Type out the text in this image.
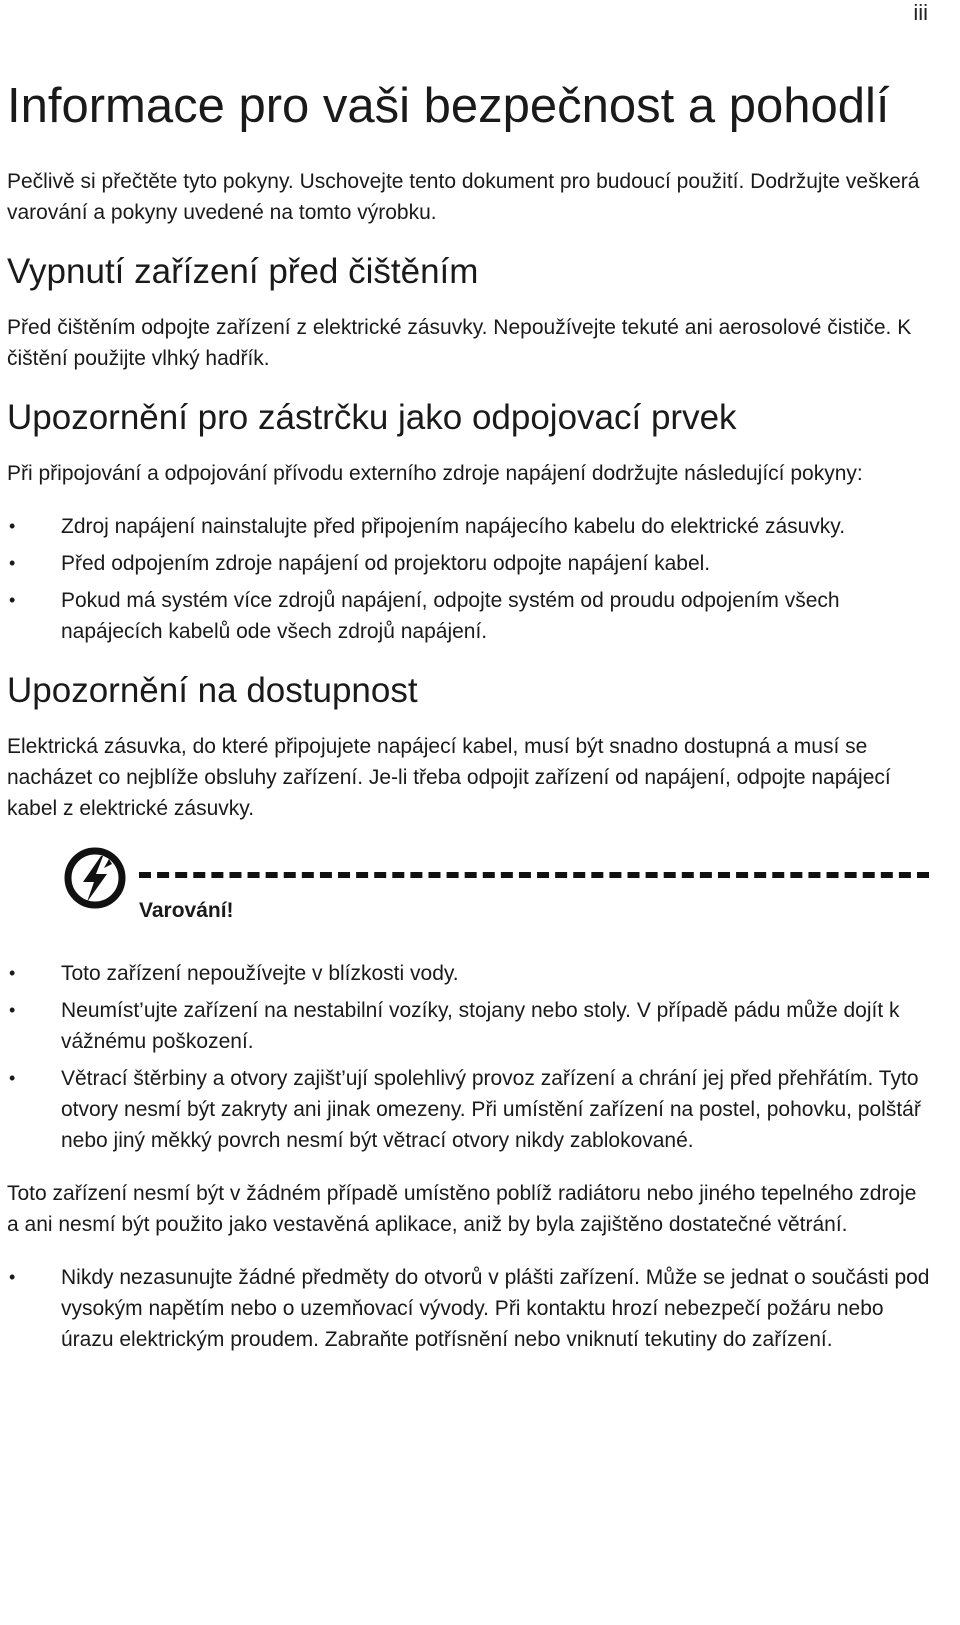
iii
Informace pro vaši bezpečnost a pohodlí

Pečlivě si přečtěte tyto pokyny. Uschovejte tento dokument pro budoucí použití. Dodržujte veškerá varování a pokyny uvedené na tomto výrobku.

Vypnutí zařízení před čištěním

Před čištěním odpojte zařízení z elektrické zásuvky. Nepoužívejte tekuté ani aerosolové čističe. K čištění použijte vlhký hadřík.

Upozornění pro zástrčku jako odpojovací prvek

Při připojování a odpojování přívodu externího zdroje napájení dodržujte následující pokyny:

• Zdroj napájení nainstalujte před připojením napájecího kabelu do elektrické zásuvky.
• Před odpojením zdroje napájení od projektoru odpojte napájení kabel.
• Pokud má systém více zdrojů napájení, odpojte systém od proudu odpojením všech napájecích kabelů ode všech zdrojů napájení.
Upozornění na dostupnost

Elektrická zásuvka, do které připojujete napájecí kabel, musí být snadno dostupná a musí se nacházet co nejblíže obsluhy zařízení. Je-li třeba odpojit zařízení od napájení, odpojte napájecí kabel z elektrické zásuvky.

Varování!
• Toto zařízení nepoužívejte v blízkosti vody.
• Neumíst’ujte zařízení na nestabilní vozíky, stojany nebo stoly. V případě pádu může dojít k vážnému poškození.
• Větrací štěrbiny a otvory zajišt’ují spolehlivý provoz zařízení a chrání jej před přehřátím. Tyto otvory nesmí být zakryty ani jinak omezeny. Při umístění zařízení na postel, pohovku, polštář nebo jiný měkký povrch nesmí být větrací otvory nikdy zablokované.

Toto zařízení nesmí být v žádném případě umístěno poblíž radiátoru nebo jiného tepelného zdroje a ani nesmí být použito jako vestavěná aplikace, aniž by byla zajištěno dostatečné větrání.

• Nikdy nezasunujte žádné předměty do otvorů v plášti zařízení. Může se jednat o součásti pod vysokým napětím nebo o uzemňovací vývody. Při kontaktu hrozí nebezpečí požáru nebo úrazu elektrickým proudem. Zabraňte potřísnění nebo vniknutí tekutiny do zařízení.
